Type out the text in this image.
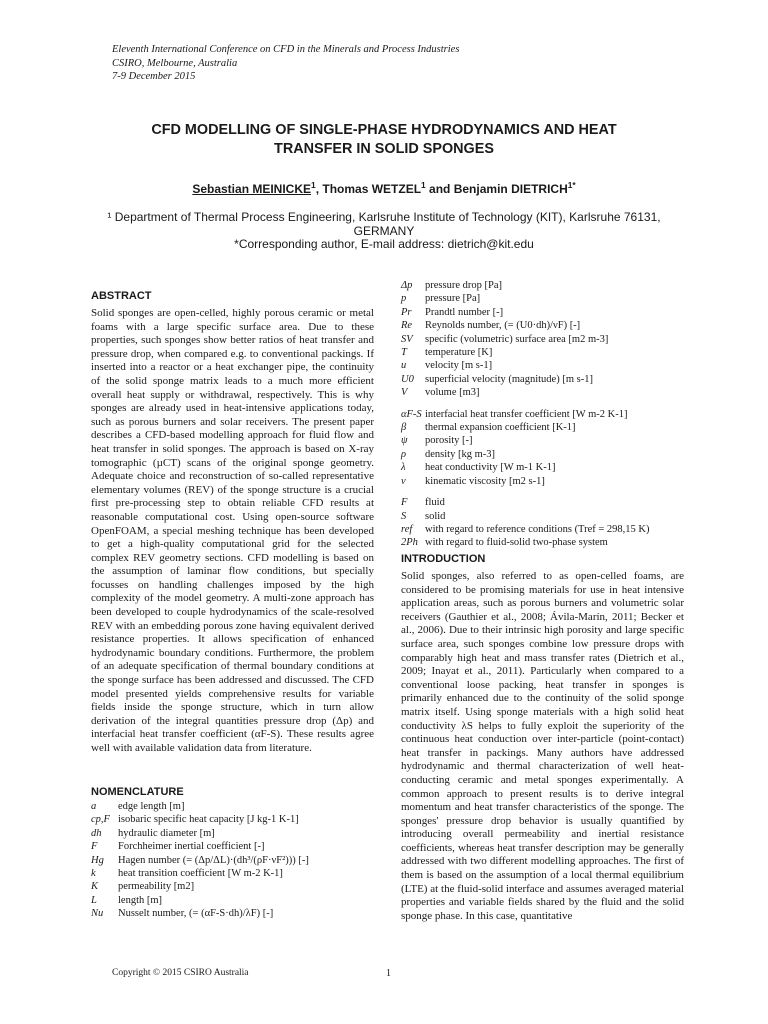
Eleventh International Conference on CFD in the Minerals and Process Industries
CSIRO, Melbourne, Australia
7-9 December 2015
CFD MODELLING OF SINGLE-PHASE HYDRODYNAMICS AND HEAT
TRANSFER IN SOLID SPONGES
Sebastian MEINICKE$^1$, Thomas WETZEL$^1$ and Benjamin $DIETRICH^{1*}$
¹ Department of Thermal Process Engineering, Karlsruhe Institute of Technology (KIT), Karlsruhe 76131,
GERMANY
*Corresponding author, E-mail address: dietrich@kit.edu
ABSTRACT
Solid sponges are open-celled, highly porous ceramic or metal foams with a large specific surface area. Due to these properties, such sponges show better ratios of heat transfer and pressure drop, when compared e.g. to conventional packings. If inserted into a reactor or a heat exchanger pipe, the continuity of the solid sponge matrix leads to a much more efficient overall heat supply or withdrawal, respectively. This is why sponges are already used in heat-intensive applications today, such as porous burners and solar receivers. The present paper describes a CFD-based modelling approach for fluid flow and heat transfer in solid sponges. The approach is based on X-ray tomographic (µCT) scans of the original sponge geometry. Adequate choice and reconstruction of so-called representative elementary volumes (REV) of the sponge structure is a crucial first pre-processing step to obtain reliable CFD results at reasonable computational cost. Using open-source software OpenFOAM, a special meshing technique has been developed to get a high-quality computational grid for the selected complex REV geometry sections. CFD modelling is based on the assumption of laminar flow conditions, but specially focusses on handling challenges imposed by the high complexity of the model geometry. A multi-zone approach has been developed to couple hydrodynamics of the scale-resolved REV with an embedding porous zone having equivalent derived resistance properties. It allows specification of enhanced hydrodynamic boundary conditions. Furthermore, the problem of an adequate specification of thermal boundary conditions at the sponge surface has been addressed and discussed. The CFD model presented yields comprehensive results for variable fields inside the sponge structure, which in turn allow derivation of the integral quantities pressure drop (Δp) and interfacial heat transfer coefficient (αF-S). These results agree well with available validation data from literature.
NOMENCLATURE
a	edge length [m]
cp,F isobaric specific heat capacity [J kg-1 K-1]
dh	hydraulic diameter [m]
F	Forchheimer inertial coefficient [-]
Hg	Hagen number (= (Δp/ΔL)·(dh³/(ρF·νF²))) [-]
k	heat transition coefficient [W m-2 K-1]
K	permeability [m2]
L	length [m]
Nu	Nusselt number, (= (αF-S·dh)/λF) [-]
Δp	pressure drop [Pa]
p	pressure [Pa]
Pr	Prandtl number [-]
Re	Reynolds number, (= (U0·dh)/νF) [-]
SV	specific (volumetric) surface area [m2 m-3]
T	temperature [K]
u	velocity [m s-1]
U0	superficial velocity (magnitude) [m s-1]
V	volume [m3]
αF-S interfacial heat transfer coefficient [W m-2 K-1]
β	thermal expansion coefficient [K-1]
ψ	porosity [-]
ρ	density [kg m-3]
λ	heat conductivity [W m-1 K-1]
ν	kinematic viscosity [m2 s-1]
F	fluid
S	solid
ref	with regard to reference conditions (Tref = 298,15 K)
2Ph with regard to fluid-solid two-phase system
INTRODUCTION
Solid sponges, also referred to as open-celled foams, are considered to be promising materials for use in heat intensive application areas, such as porous burners and volumetric solar receivers (Gauthier et al., 2008; Ávila-Marín, 2011; Becker et al., 2006). Due to their intrinsic high porosity and large specific surface area, such sponges combine low pressure drops with comparably high heat and mass transfer rates (Dietrich et al., 2009; Inayat et al., 2011). Particularly when compared to a conventional loose packing, heat transfer in sponges is primarily enhanced due to the continuity of the solid sponge matrix itself. Using sponge materials with a high solid heat conductivity λS helps to fully exploit the superiority of the continuous heat conduction over inter-particle (point-contact) heat transfer in packings. Many authors have addressed hydrodynamic and thermal characterization of well heat-conducting ceramic and metal sponges experimentally. A common approach to present results is to derive integral momentum and heat transfer characteristics of the sponge. The sponges' pressure drop behavior is usually quantified by introducing overall permeability and inertial resistance coefficients, whereas heat transfer description may be generally addressed with two different modelling approaches. The first of them is based on the assumption of a local thermal equilibrium (LTE) at the fluid-solid interface and assumes averaged material properties and variable fields shared by the fluid and the solid sponge phase. In this case, quantitative
Copyright © 2015 CSIRO Australia	1
